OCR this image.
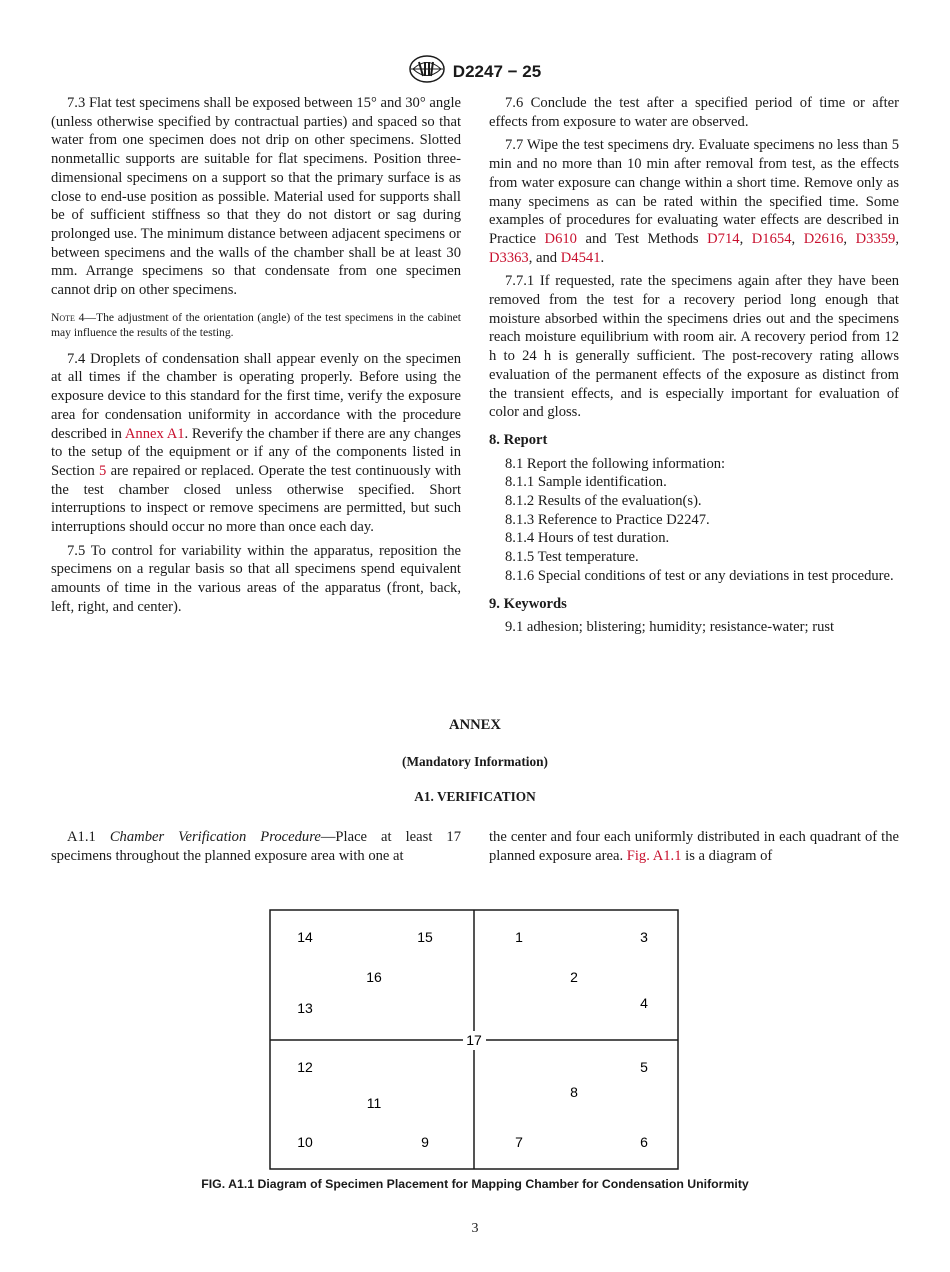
D2247 − 25

7.3 Flat test specimens shall be exposed between 15° and 30° angle (unless otherwise specified by contractual parties) and spaced so that water from one specimen does not drip on other specimens. Slotted nonmetallic supports are suitable for flat specimens. Position three-dimensional specimens on a support so that the primary surface is as close to end-use position as possible. Material used for supports shall be of sufficient stiffness so that they do not distort or sag during prolonged use. The minimum distance between adjacent specimens or between specimens and the walls of the chamber shall be at least 30 mm. Arrange specimens so that condensate from one specimen cannot drip on other specimens.

Note 4—The adjustment of the orientation (angle) of the test specimens in the cabinet may influence the results of the testing.

7.4 Droplets of condensation shall appear evenly on the specimen at all times if the chamber is operating properly. Before using the exposure device to this standard for the first time, verify the exposure area for condensation uniformity in accordance with the procedure described in Annex A1. Reverify the chamber if there are any changes to the setup of the equipment or if any of the components listed in Section 5 are repaired or replaced. Operate the test continuously with the test chamber closed unless otherwise specified. Short interruptions to inspect or remove specimens are permitted, but such interruptions should occur no more than once each day.

7.5 To control for variability within the apparatus, reposition the specimens on a regular basis so that all specimens spend equivalent amounts of time in the various areas of the apparatus (front, back, left, right, and center).

7.6 Conclude the test after a specified period of time or after effects from exposure to water are observed.

7.7 Wipe the test specimens dry. Evaluate specimens no less than 5 min and no more than 10 min after removal from test, as the effects from water exposure can change within a short time. Remove only as many specimens as can be rated within the specified time. Some examples of procedures for evaluating water effects are described in Practice D610 and Test Methods D714, D1654, D2616, D3359, D3363, and D4541.

7.7.1 If requested, rate the specimens again after they have been removed from the test for a recovery period long enough that moisture absorbed within the specimens dries out and the specimens reach moisture equilibrium with room air. A recovery period from 12 h to 24 h is generally sufficient. The post-recovery rating allows evaluation of the permanent effects of the exposure as distinct from the transient effects, and is especially important for evaluation of color and gloss.

8. Report

8.1 Report the following information:

8.1.1 Sample identification.

8.1.2 Results of the evaluation(s).

8.1.3 Reference to Practice D2247.

8.1.4 Hours of test duration.

8.1.5 Test temperature.

8.1.6 Special conditions of test or any deviations in test procedure.

9. Keywords

9.1 adhesion; blistering; humidity; resistance-water; rust

ANNEX
(Mandatory Information)
A1. VERIFICATION

A1.1 Chamber Verification Procedure—Place at least 17 specimens throughout the planned exposure area with one at

the center and four each uniformly distributed in each quadrant of the planned exposure area. Fig. A1.1 is a diagram of

1
2
3
4
5
6
7
8
9
10
11
12
13
14	15
16
17
FIG. A1.1 Diagram of Specimen Placement for Mapping Chamber for Condensation Uniformity
3
